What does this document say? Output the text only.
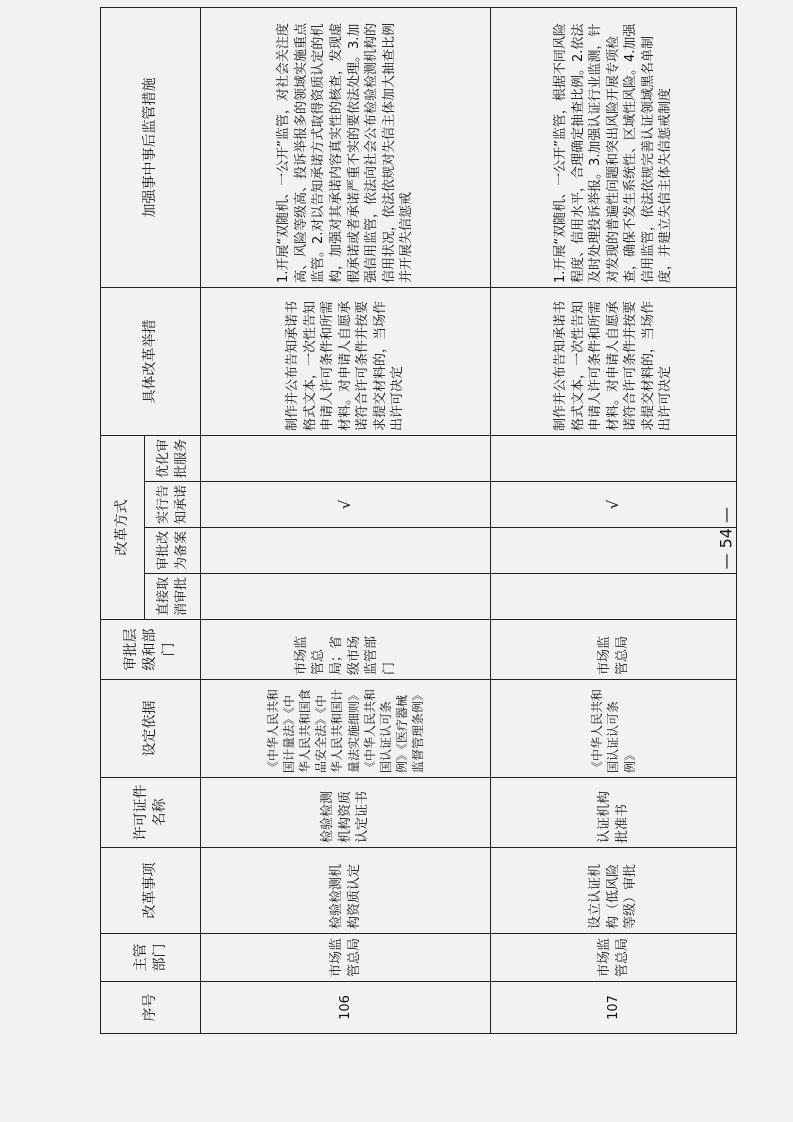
序号	主管部门	改革事项	许可证件名称	设定依据	审批层级和部门	改革方式				具体改革举措	加强事中事后监管措施
						直接取消审批	审批改为备案	实行告知承诺	优化审批服务		
106	市场监管总局	检验检测机构资质认定	检验检测机构资质认定证书	《中华人民共和国计量法》《中华人民共和国食品安全法》《中华人民共和国计量法实施细则》《中华人民共和国认证认可条例》《医疗器械监督管理条例》	市场监管总局；省级市场监管部门			√		制作并公布告知承诺书格式文本，一次性告知申请人许可条件和所需材料。对申请人自愿承诺符合许可条件并按要求提交材料的，当场作出许可决定	1.开展“双随机、一公开”监管，对社会关注度高、风险等级高、投诉举报多的领域实施重点监管。2.对以告知承诺方式取得资质认定的机构，加强对其承诺内容真实性的核查，发现虚假承诺或者承诺严重不实的要依法处理。3.加强信用监管，依法向社会公布检验检测机构的信用状况，依法依规对失信主体加大抽查比例并开展失信惩戒
107	市场监管总局	设立认证机构（低风险等级）审批	认证机构批准书	《中华人民共和国认证认可条例》	市场监管总局			√		制作并公布告知承诺书格式文本，一次性告知申请人许可条件和所需材料。对申请人自愿承诺符合许可条件并按要求提交材料的，当场作出许可决定	1.开展“双随机、一公开”监管，根据不同风险程度、信用水平，合理确定抽查比例。2.依法及时处理投诉举报。3.加强认证行业监测，针对发现的普遍性问题和突出风险开展专项检查，确保不发生系统性、区域性风险。4.加强信用监管，依法依规完善认证领域黑名单制度，并建立失信主体失信惩戒制度
— 54 —
